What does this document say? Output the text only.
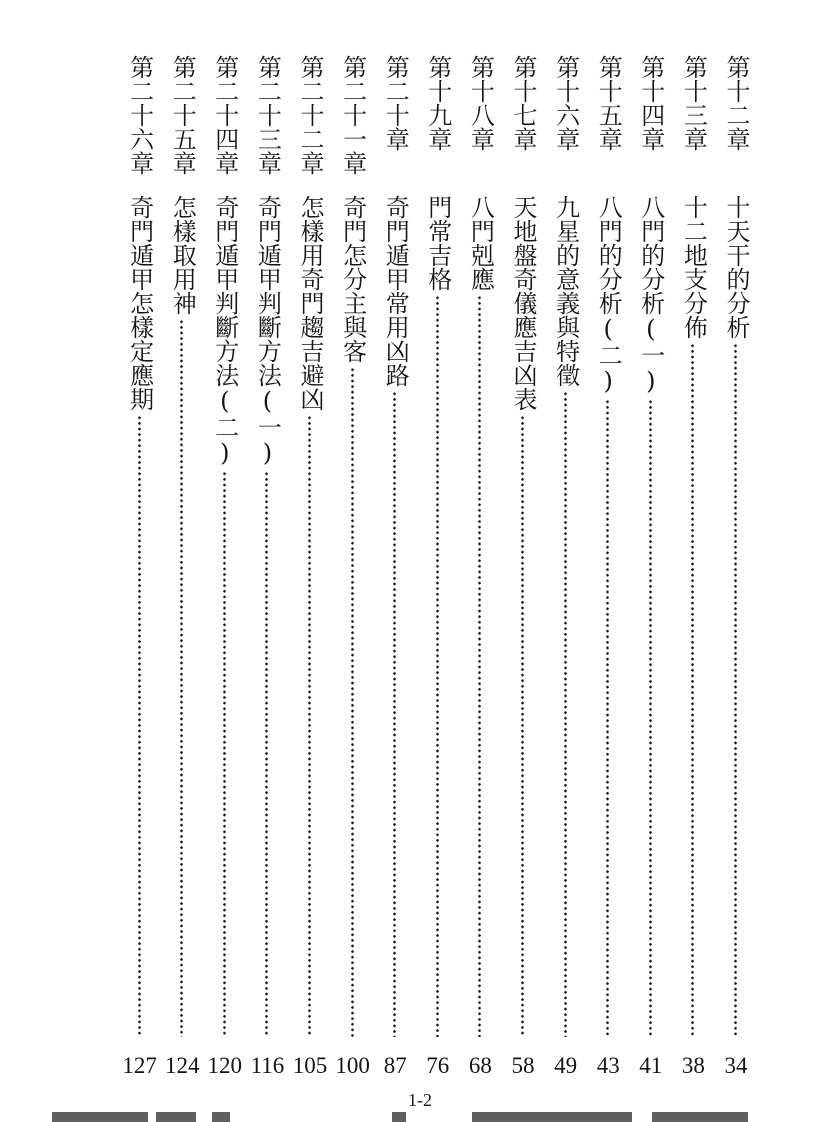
第十二章
十天干的分析
34
第十三章
十二地支分佈
38
第十四章
八門的分析(一)
41
第十五章
八門的分析(二)
43
第十六章
九星的意義與特徵
49
第十七章
天地盤奇儀應吉凶表
58
第十八章
八門剋應
68
第十九章
門常吉格
76
第二十章
奇門遁甲常用凶路
87
第二十一章
奇門怎分主與客
100
第二十二章
怎樣用奇門趨吉避凶
105
第二十三章
奇門遁甲判斷方法(一)
116
第二十四章
奇門遁甲判斷方法(二)
120
第二十五章
怎樣取用神
124
第二十六章
奇門遁甲怎樣定應期
127
1-2
